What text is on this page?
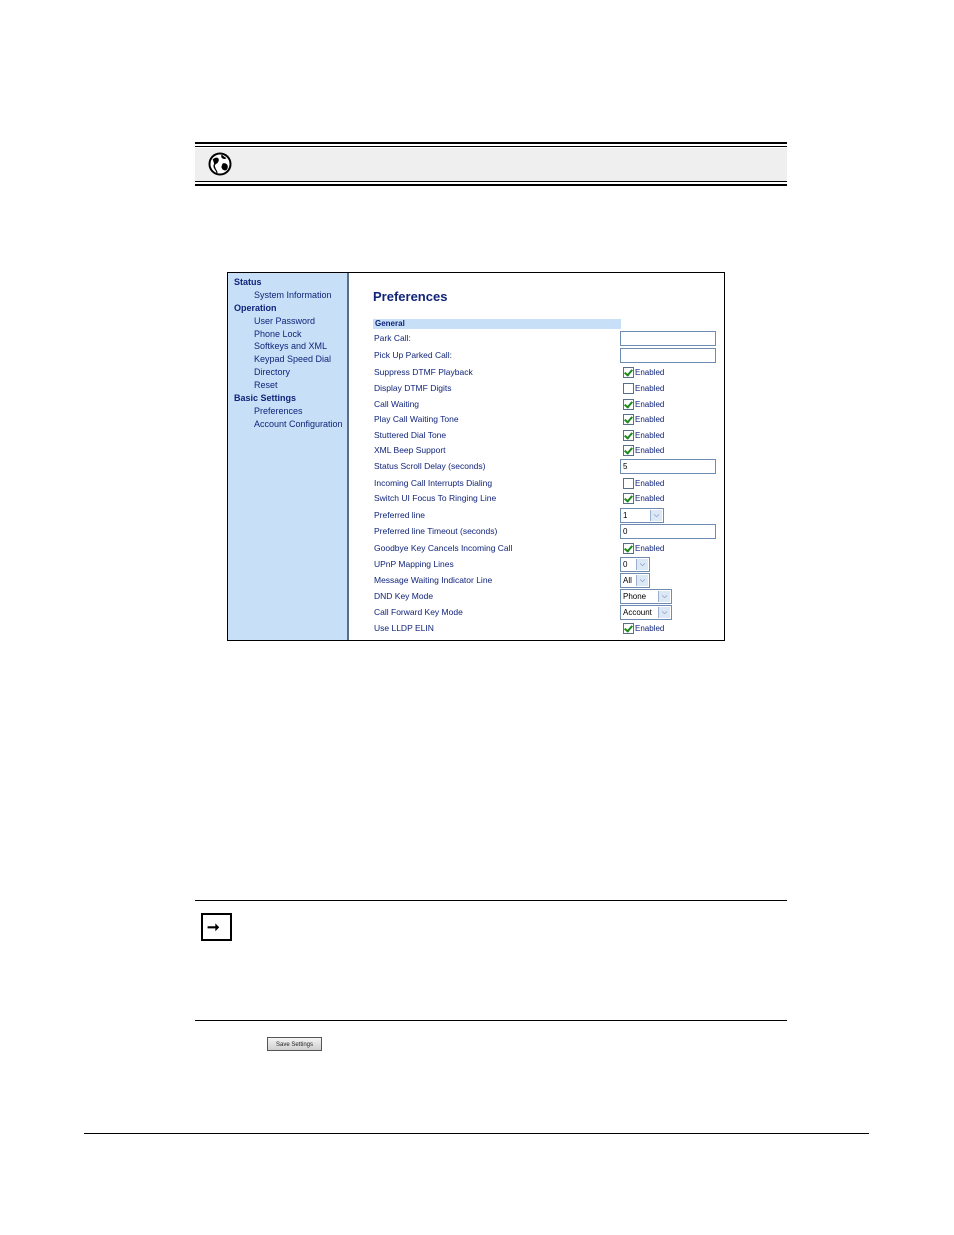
Status
System Information
Operation
User Password
Phone Lock
Softkeys and XML
Keypad Speed Dial
Directory
Reset
Basic Settings
Preferences
Account Configuration
Preferences
General
Park Call:
Pick Up Parked Call:
Suppress DTMF Playback	Enabled
Display DTMF Digits	Enabled
Call Waiting	Enabled
Play Call Waiting Tone	Enabled
Stuttered Dial Tone	Enabled
XML Beep Support	Enabled
Status Scroll Delay (seconds)	5
Incoming Call Interrupts Dialing	Enabled
Switch UI Focus To Ringing Line	Enabled
Preferred line	1	⌵
Preferred line Timeout (seconds)	0
Goodbye Key Cancels Incoming Call	Enabled
UPnP Mapping Lines	0	⌵
Message Waiting Indicator Line	All	⌵
DND Key Mode	Phone	⌵
Call Forward Key Mode	Account	⌵
Use LLDP ELIN	Enabled
➞
Save Settings
